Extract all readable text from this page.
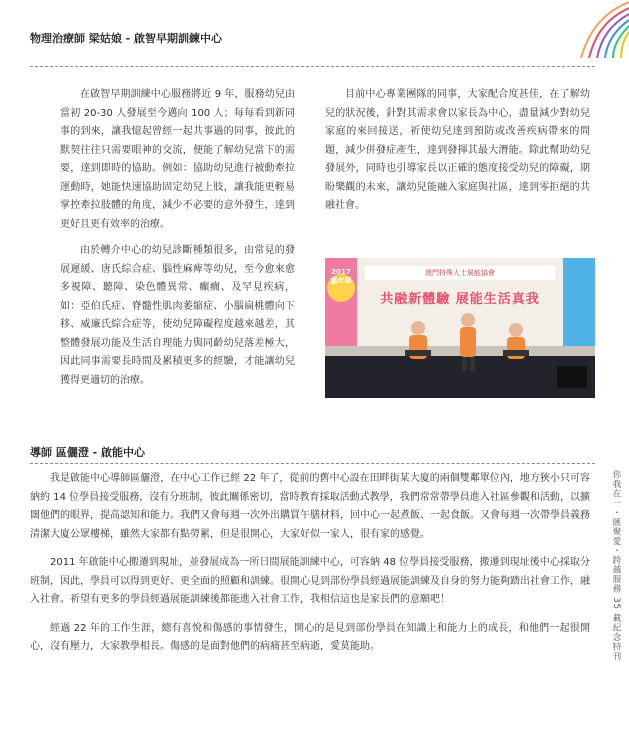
物理治療師 梁姑娘 - 啟智早期訓練中心

在啟智早期訓練中心服務將近 9 年，服務幼兒由當初 20-30 人發展至今邁向 100 人；每每看到新同事的到來，讓我憶起曾經一起共事過的同事，彼此的默契往往只需要眼神的交流，便能了解幼兒當下的需要，達到即時的協助。例如：協助幼兒進行被動牽拉運動時，她能快速協助固定幼兒上肢，讓我能更輕易掌控牽拉肢體的角度，減少不必要的意外發生，達到更好且更有效率的治療。

由於轉介中心的幼兒診斷種類很多，由常見的發展遲緩、唐氏綜合症、腦性麻痺等幼兒，至今愈來愈多視障、聽障、染色體異常、癲癇、及罕見疾病，如：亞伯氏症、脊髓性肌肉萎縮症、小腦扁桃體向下移、威廉氏綜合症等，使幼兒障礙程度越來越差，其整體發展功能及生活自理能力與同齡幼兒落差極大，因此同事需要長時間及累積更多的經驗，才能讓幼兒獲得更適切的治療。

目前中心專業團隊的同事，大家配合度甚佳，在了解幼兒的狀況後，針對其需求會以家長為中心，盡量減少對幼兒家庭的來回接送，祈使幼兒達到預防或改善疾病帶來的問題，減少併發症產生，達到發揮其最大潛能。除此幫助幼兒發展外，同時也引導家長以正確的態度接受幼兒的障礙，期盼樂觀的未來，讓幼兒能融入家庭與社區，達到零拒絕的共融社會。

2017
嘉年華
澳門特殊人士展能協會
共融新體驗 展能生活真我
導師 區儷澄 - 啟能中心

我是啟能中心導師區儷澄，在中心工作已經 22 年了，從前的舊中心設在田畔街某大廈的兩個雙鄰單位內，地方狹小只可容納約 14 位學員接受服務，沒有分班制，彼此關係密切，當時教育採取活動式教學，我們常常帶學員進入社區參觀和活動，以擴闊他們的眼界，提高認知和能力。我們又會每週一次外出購買午膳材料，回中心一起煮飯、一起食飯。又會每週一次帶學員義務清潔大廈公眾樓梯，雖然大家都有點勞累，但是很開心，大家好似一家人，很有家的感覺。

2011 年啟能中心搬遷到現址，並發展成為一所日間展能訓練中心，可容納 48 位學員接受服務，搬遷到現址後中心採取分班制，因此，學員可以得到更好、更全面的照顧和訓練。很開心見到部份學員經過展能訓練及自身的努力能夠踏出社會工作，融入社會。祈望有更多的學員經過展能訓練後都能進入社會工作，我相信這也是家長們的意願吧！

經過 22 年的工作生涯，總有喜悅和傷感的事情發生，開心的是見到部份學員在知識上和能力上的成長，和他們一起很開心，沒有壓力，大家教學相長。傷感的是面對他們的病痛甚至病逝，愛莫能助。	你我在一・匯聚愛・跨越服務 35 載紀念特刊
